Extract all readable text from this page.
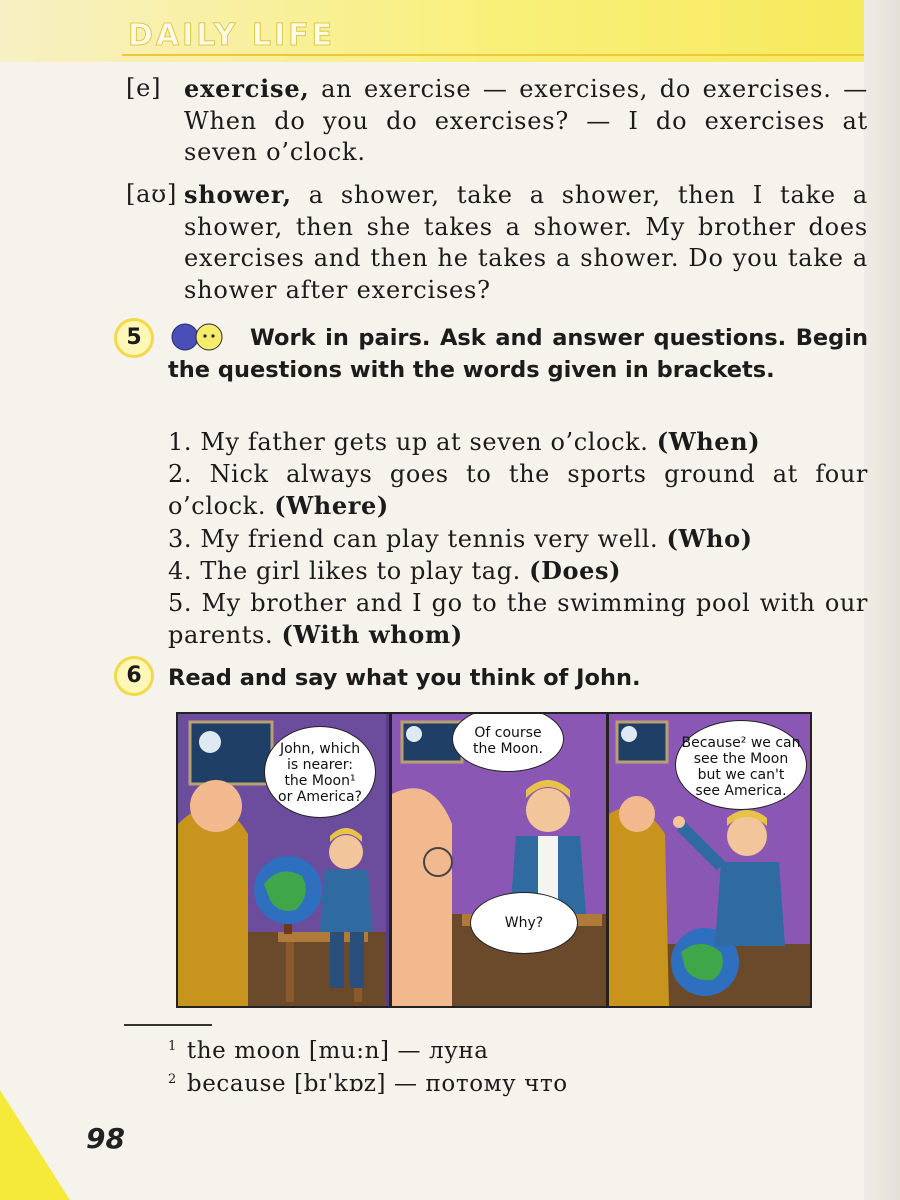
DAILY LIFE
[e] exercise, an exercise — exercises, do exercises. — When do you do exercises? — I do exercises at seven o’clock.
[aʊ] shower, a shower, take a shower, then I take a shower, then she takes a shower. My brother does exercises and then he takes a shower. Do you take a shower after exercises?
5	Work in pairs. Ask and answer questions. Begin the questions with the words given in brackets.

1. My father gets up at seven o’clock. (When)

2. Nick always goes to the sports ground at four o’clock. (Where)

3. My friend can play tennis very well. (Who)

4. The girl likes to play tag. (Does)

5. My brother and I go to the swimming pool with our parents. (With whom)

6	Read and say what you think of John.
John, which
is nearer:
the Moon¹
or America?
Of course
the Moon.
Why?
Because² we can
see the Moon
but we can't
see America.
$^1$ the moon [mu:n] — луна
$^2$ because [bɪˈkɒz] — потому что
98
